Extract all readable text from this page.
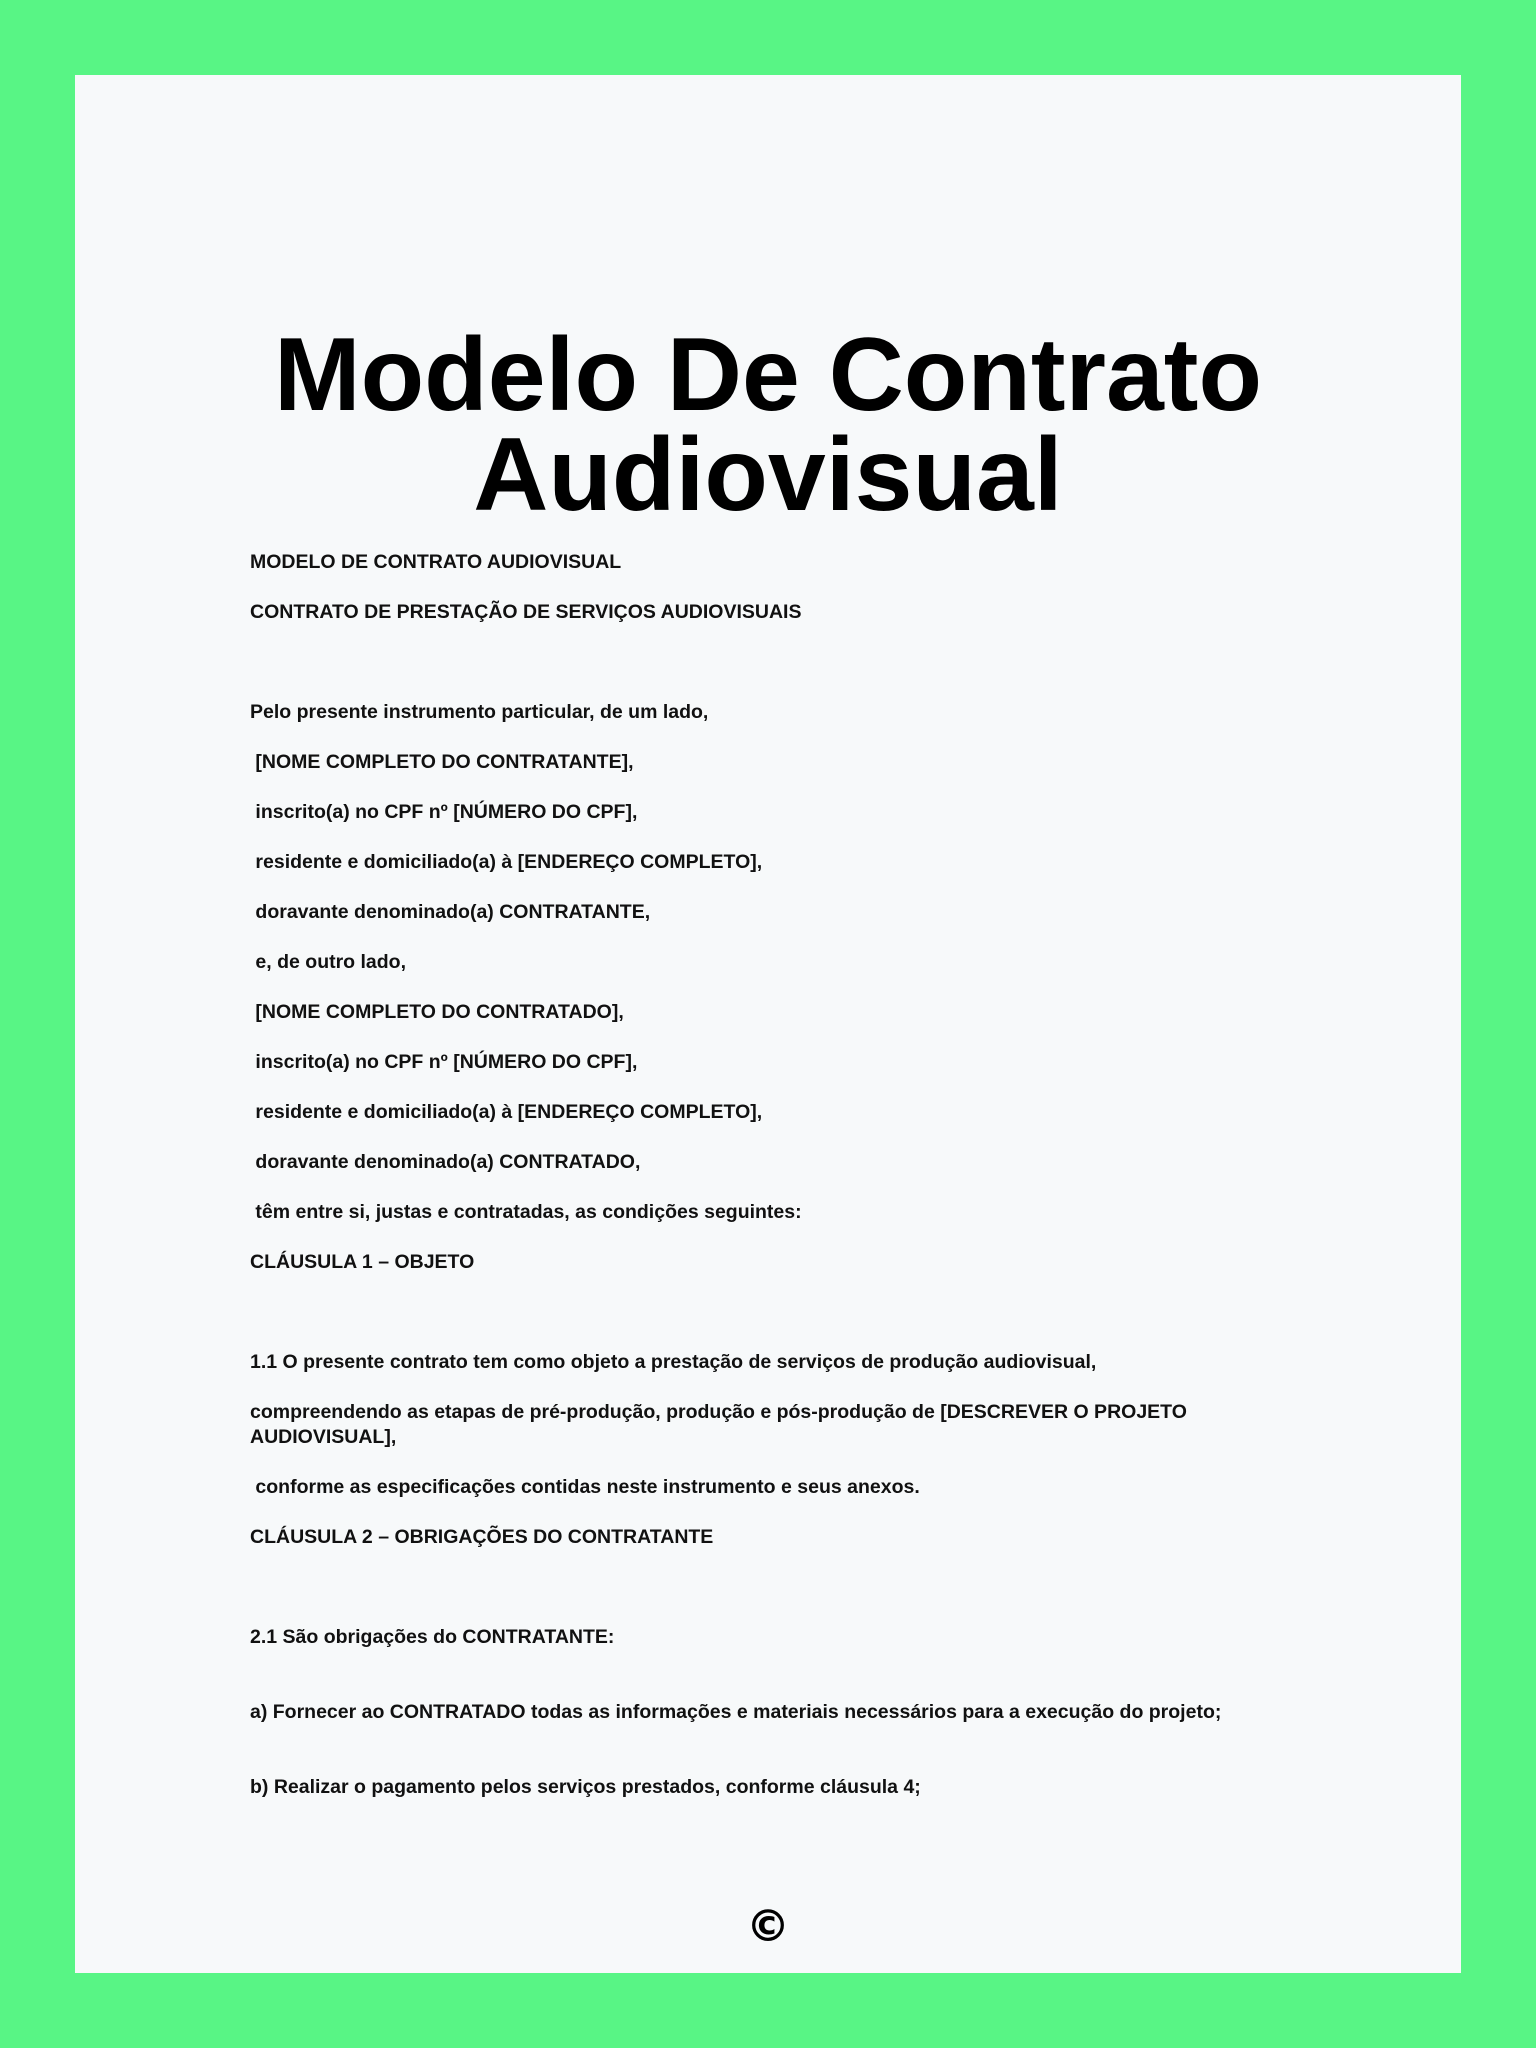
Modelo De Contrato
Audiovisual

MODELO DE CONTRATO AUDIOVISUAL

CONTRATO DE PRESTAÇÃO DE SERVIÇOS AUDIOVISUAIS

Pelo presente instrumento particular, de um lado,

[NOME COMPLETO DO CONTRATANTE],

inscrito(a) no CPF nº [NÚMERO DO CPF],

residente e domiciliado(a) à [ENDEREÇO COMPLETO],

doravante denominado(a) CONTRATANTE,

e, de outro lado,

[NOME COMPLETO DO CONTRATADO],

inscrito(a) no CPF nº [NÚMERO DO CPF],

residente e domiciliado(a) à [ENDEREÇO COMPLETO],

doravante denominado(a) CONTRATADO,

têm entre si, justas e contratadas, as condições seguintes:

CLÁUSULA 1 – OBJETO

1.1 O presente contrato tem como objeto a prestação de serviços de produção audiovisual,

compreendendo as etapas de pré-produção, produção e pós-produção de [DESCREVER O PROJETO AUDIOVISUAL],

conforme as especificações contidas neste instrumento e seus anexos.

CLÁUSULA 2 – OBRIGAÇÕES DO CONTRATANTE

2.1 São obrigações do CONTRATANTE:

a) Fornecer ao CONTRATADO todas as informações e materiais necessários para a execução do projeto;

b) Realizar o pagamento pelos serviços prestados, conforme cláusula 4;

©
